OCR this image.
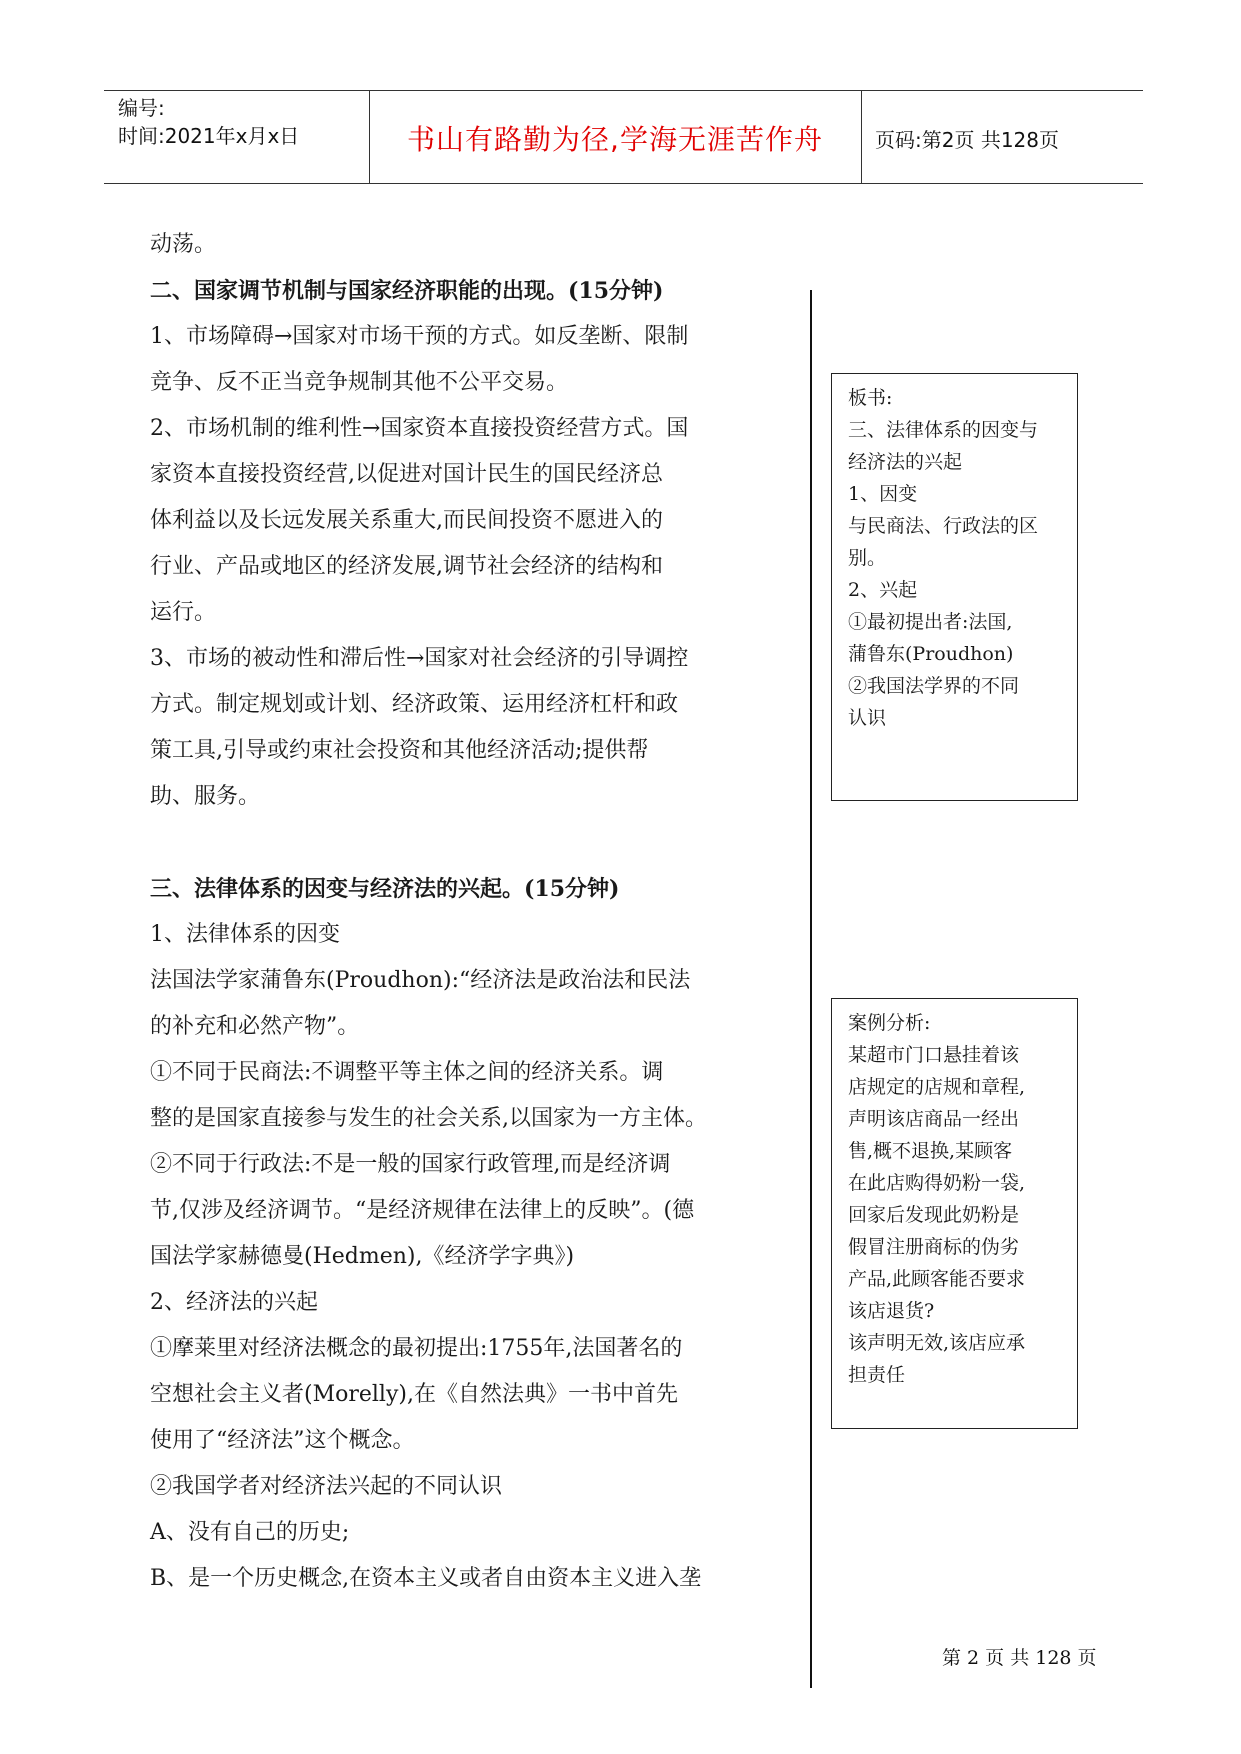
编号:
时间:2021年x月x日	书山有路勤为径,学海无涯苦作舟	页码:第2页 共128页

动荡。

二、国家调节机制与国家经济职能的出现。(15分钟)

1、市场障碍→国家对市场干预的方式。如反垄断、限制

竞争、反不正当竞争规制其他不公平交易。

2、市场机制的维利性→国家资本直接投资经营方式。国

家资本直接投资经营,以促进对国计民生的国民经济总

体利益以及长远发展关系重大,而民间投资不愿进入的

行业、产品或地区的经济发展,调节社会经济的结构和

运行。

3、市场的被动性和滞后性→国家对社会经济的引导调控

方式。制定规划或计划、经济政策、运用经济杠杆和政

策工具,引导或约束社会投资和其他经济活动;提供帮

助、服务。

三、法律体系的因变与经济法的兴起。(15分钟)

1、法律体系的因变

法国法学家蒲鲁东(Proudhon):“经济法是政治法和民法

的补充和必然产物”。

①不同于民商法:不调整平等主体之间的经济关系。调

整的是国家直接参与发生的社会关系,以国家为一方主体。

②不同于行政法:不是一般的国家行政管理,而是经济调

节,仅涉及经济调节。“是经济规律在法律上的反映”。(德

国法学家赫德曼(Hedmen),《经济学字典》)

2、经济法的兴起

①摩莱里对经济法概念的最初提出:1755年,法国著名的

空想社会主义者(Morelly),在《自然法典》一书中首先

使用了“经济法”这个概念。

②我国学者对经济法兴起的不同认识

A、没有自己的历史;

B、是一个历史概念,在资本主义或者自由资本主义进入垄

板书:

三、法律体系的因变与

经济法的兴起

1、因变

与民商法、行政法的区

别。

2、兴起

①最初提出者:法国,

蒲鲁东(Proudhon)

②我国法学界的不同

认识

案例分析:

某超市门口悬挂着该

店规定的店规和章程,

声明该店商品一经出

售,概不退换,某顾客

在此店购得奶粉一袋,

回家后发现此奶粉是

假冒注册商标的伪劣

产品,此顾客能否要求

该店退货?

该声明无效,该店应承

担责任

第 2 页 共 128 页
